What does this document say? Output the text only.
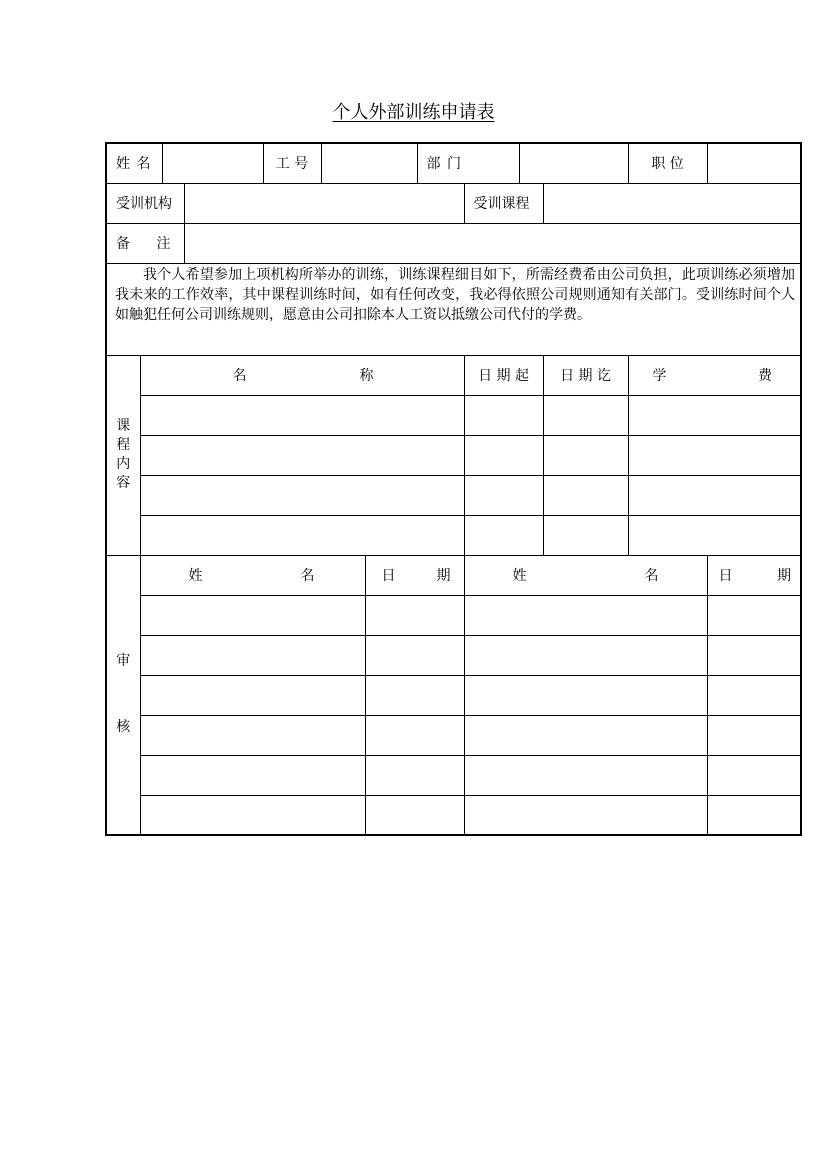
个人外部训练申请表
姓 名				工 号			部 门				职 位	
受训机构								受训课程				

备 注												

我个人希望参加上项机构所举办的训练，训练课程细目如下，所需经费希由公司负担，此项训练必须增加我未来的工作效率，其中课程训练时间，如有任何改变，我必得依照公司规则通知有关部门。受训练时间个人如触犯任何公司训练规则，愿意由公司扣除本人工资以抵缴公司代付的学费。												

课
程
内
容	名 称							日 期 起		日 期 讫	学 费	

审
核	姓 名					日 期		姓 名				日 期
